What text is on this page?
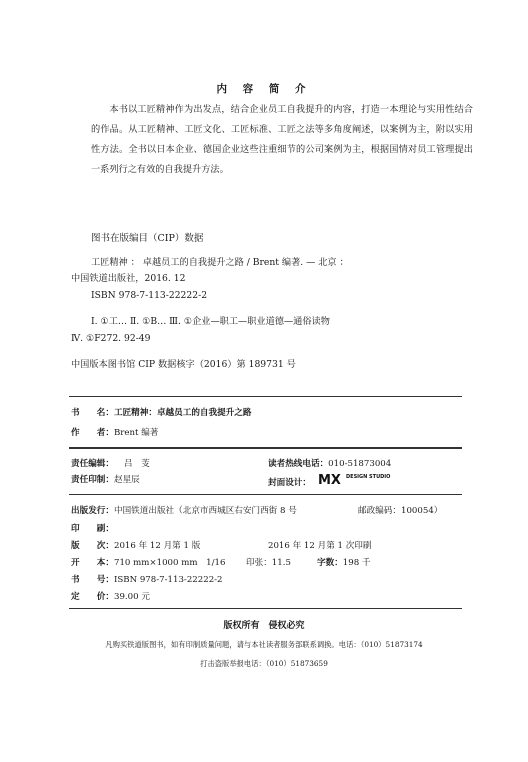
内 容 简 介
本书以工匠精神作为出发点，结合企业员工自我提升的内容，打造一本理论与实用性结合的作品。从工匠精神、工匠文化、工匠标准、工匠之法等多角度阐述，以案例为主，附以实用性方法。全书以日本企业、德国企业这些注重细节的公司案例为主，根据国情对员工管理提出一系列行之有效的自我提升方法。
图书在版编目（CIP）数据
工匠精神 ： 卓越员工的自我提升之路 / Brent 编著. — 北京 ：
中国铁道出版社，2016. 12
ISBN 978-7-113-22222-2
Ⅰ. ①工… Ⅱ. ①B… Ⅲ. ①企业—职工—职业道德—通俗读物
Ⅳ. ①F272. 92-49
中国版本图书馆 CIP 数据核字（2016）第 189731 号
书　　名：工匠精神：卓越员工的自我提升之路
作　　者：Brent 编著
责任编辑： 吕　芰	读者热线电话：010-51873004
责任印制：赵星辰	封面设计： MX DESIGN STUDIO
出版发行：中国铁道出版社（北京市西城区右安门西街 8 号	邮政编码：100054）
印　　刷：
版　　次：2016 年 12 月第 1 版	2016 年 12 月第 1 次印刷
开　　本：710 mm×1000 mm　1/16 印张：11.5	字数：198 千
书　　号：ISBN 978-7-113-22222-2
定　　价：39.00 元
版权所有　侵权必究
凡购买铁道版图书，如有印制质量问题，请与本社读者服务部联系调换。电话：（010）51873174
打击盗版举报电话：（010）51873659
